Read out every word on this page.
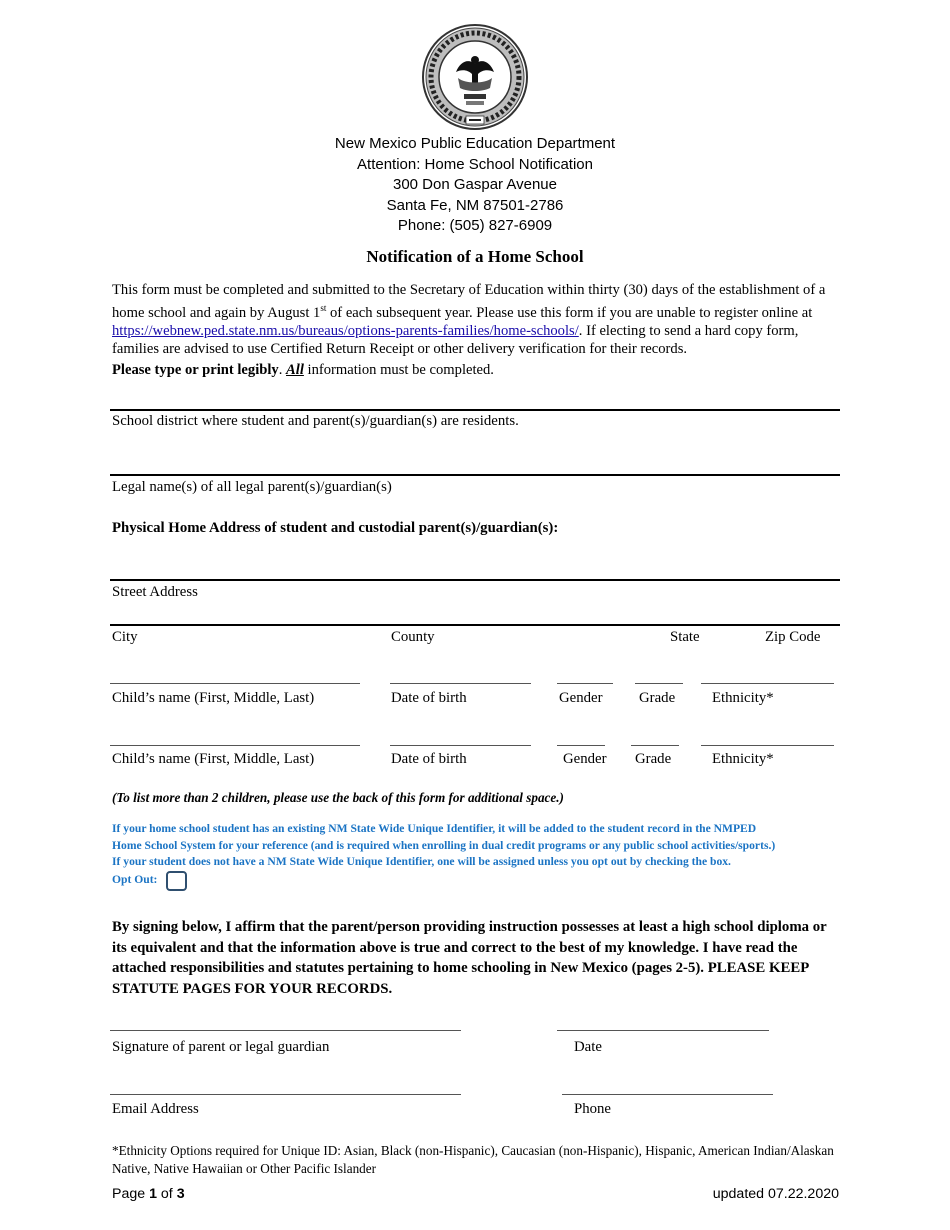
New Mexico Public Education Department
Attention: Home School Notification
300 Don Gaspar Avenue
Santa Fe, NM 87501-2786
Phone: (505) 827-6909
Notification of a Home School
This form must be completed and submitted to the Secretary of Education within thirty (30) days of the establishment of a home school and again by August 1st of each subsequent year. Please use this form if you are unable to register online at https://webnew.ped.state.nm.us/bureaus/options-parents-families/home-schools/. If electing to send a hard copy form, families are advised to use Certified Return Receipt or other delivery verification for their records.
Please type or print legibly. All information must be completed.
School district where student and parent(s)/guardian(s) are residents.
Legal name(s) of all legal parent(s)/guardian(s)
Physical Home Address of student and custodial parent(s)/guardian(s):
Street Address
City	County	State	Zip Code
Child’s name (First, Middle, Last)	Date of birth	Gender Grade Ethnicity*
Child’s name (First, Middle, Last)	Date of birth	Gender Grade	Ethnicity*
(To list more than 2 children, please use the back of this form for additional space.)
If your home school student has an existing NM State Wide Unique Identifier, it will be added to the student record in the NMPED
Home School System for your reference (and is required when enrolling in dual credit programs or any public school activities/sports.)
If your student does not have a NM State Wide Unique Identifier, one will be assigned unless you opt out by checking the box.
Opt Out:
By signing below, I affirm that the parent/person providing instruction possesses at least a high school diploma or its equivalent and that the information above is true and correct to the best of my knowledge. I have read the attached responsibilities and statutes pertaining to home schooling in New Mexico (pages 2-5). PLEASE KEEP STATUTE PAGES FOR YOUR RECORDS.
Signature of parent or legal guardian	Date
Email Address	Phone
*Ethnicity Options required for Unique ID: Asian, Black (non-Hispanic), Caucasian (non-Hispanic), Hispanic, American Indian/Alaskan Native, Native Hawaiian or Other Pacific Islander
Page 1 of 3	updated 07.22.2020
